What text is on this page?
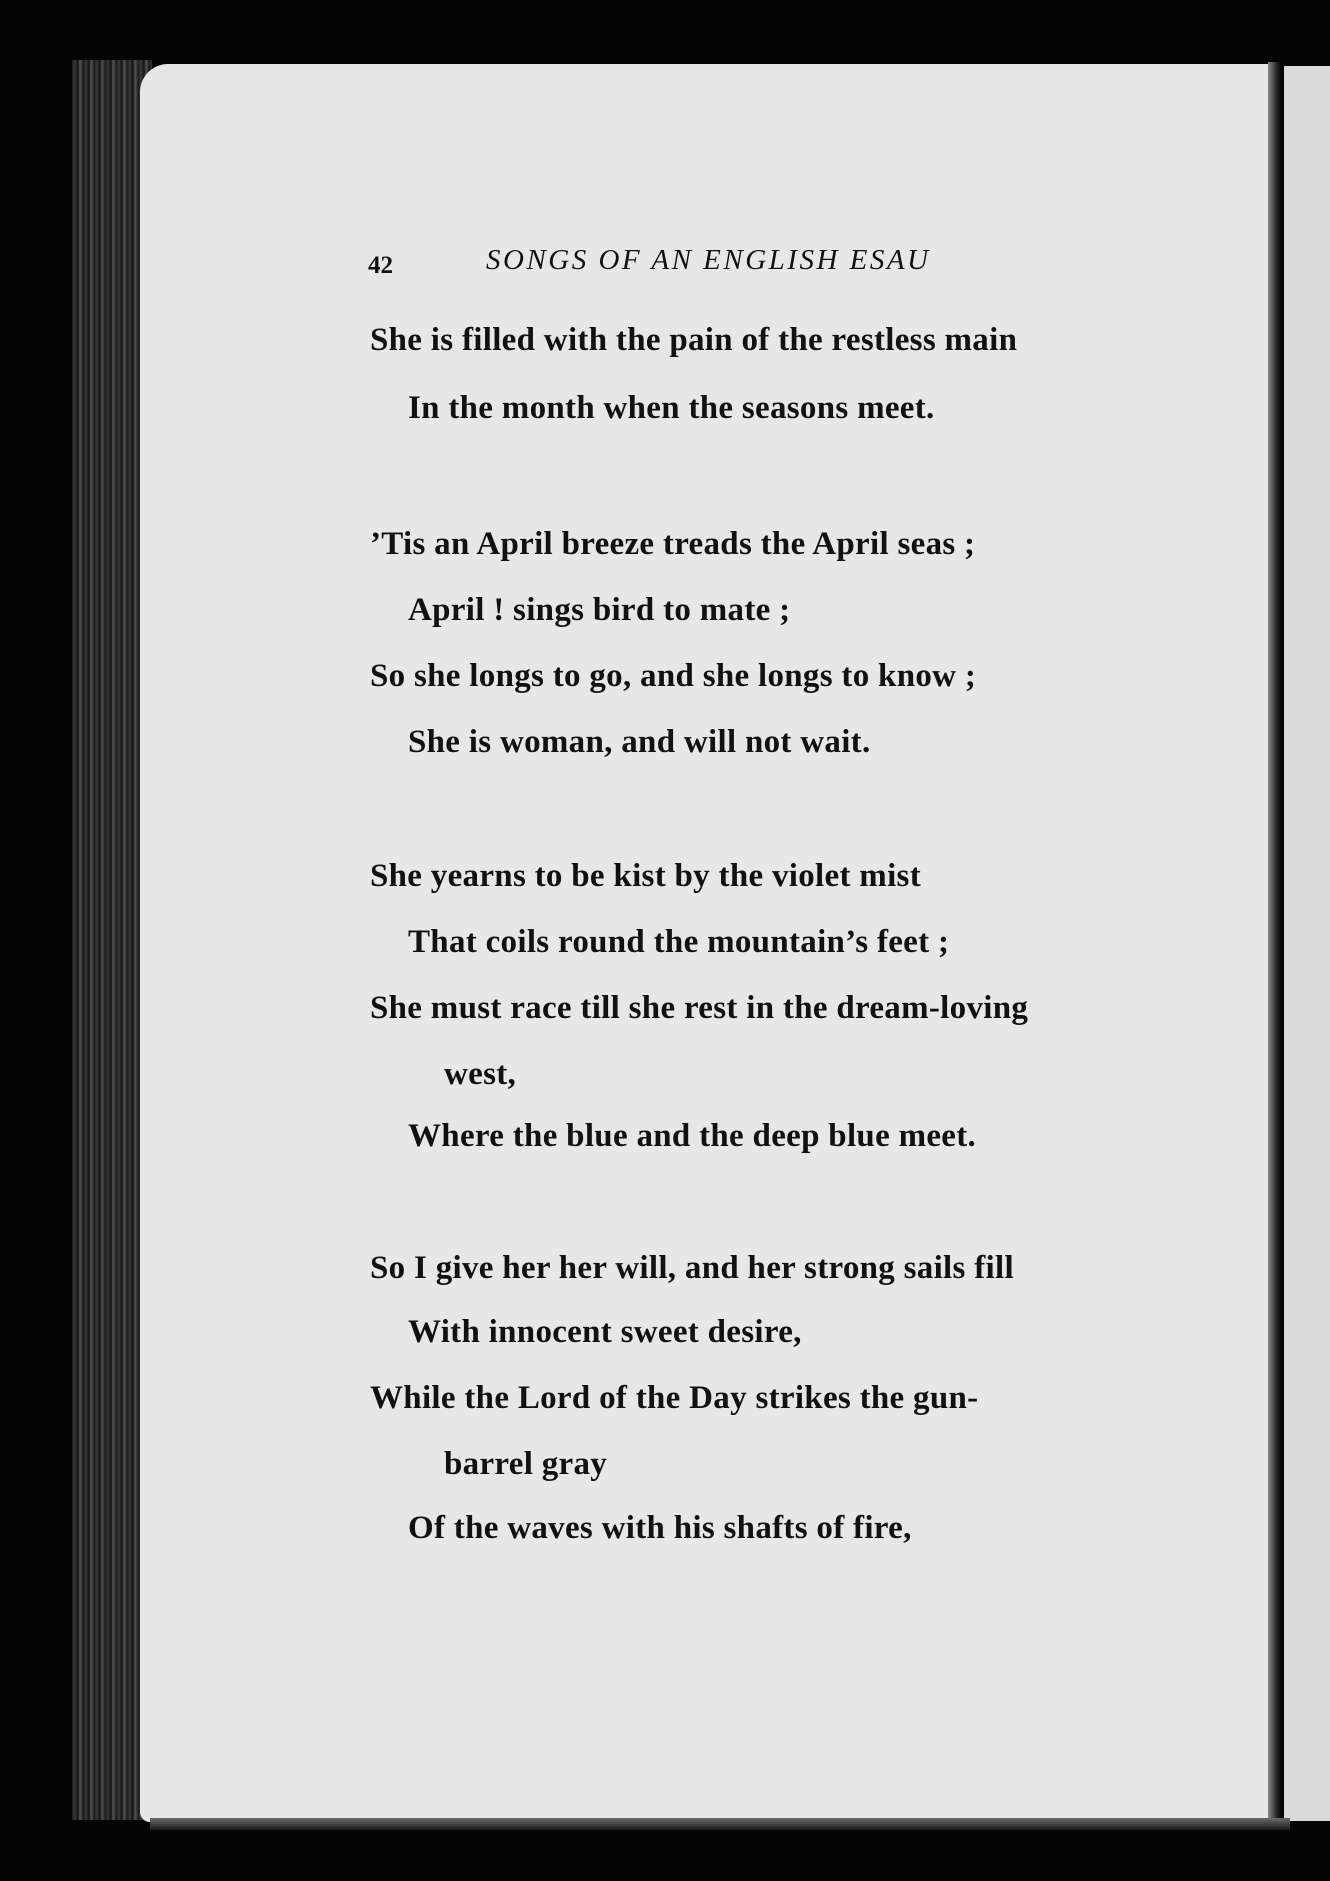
42	SONGS OF AN ENGLISH ESAU
She is filled with the pain of the restless main
In the month when the seasons meet.
’Tis an April breeze treads the April seas ;
April ! sings bird to mate ;
So she longs to go, and she longs to know ;
She is woman, and will not wait.
She yearns to be kist by the violet mist
That coils round the mountain’s feet ;
She must race till she rest in the dream-loving
west,
Where the blue and the deep blue meet.
So I give her her will, and her strong sails fill
With innocent sweet desire,
While the Lord of the Day strikes the gun-
barrel gray
Of the waves with his shafts of fire,
